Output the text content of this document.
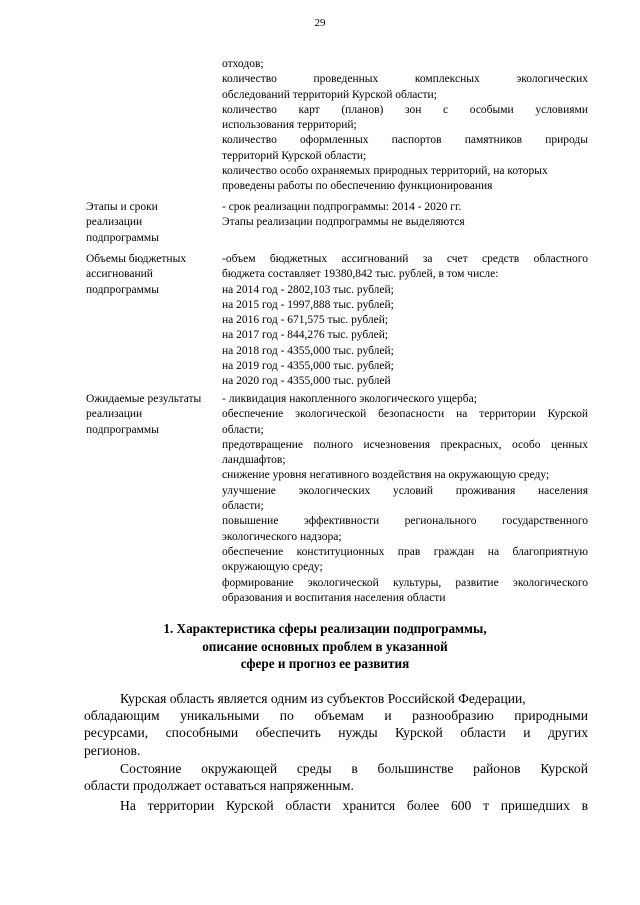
29
отходов;
количество проведенных комплексных экологических
обследований территорий Курской области;
количество карт (планов) зон с особыми условиями
использования территорий;
количество оформленных паспортов памятников природы
территорий Курской области;
количество особо охраняемых природных территорий, на которых
проведены работы по обеспечению функционирования
Этапы и сроки
реализации
подпрограммы
- срок реализации подпрограммы: 2014 - 2020 гг.
Этапы реализации подпрограммы не выделяются
Объемы бюджетных
ассигнований
подпрограммы
-объем бюджетных ассигнований за счет средств областного
бюджета составляет 19380,842 тыс. рублей, в том числе:
на 2014 год - 2802,103 тыс. рублей;
на 2015 год - 1997,888 тыс. рублей;
на 2016 год - 671,575 тыс. рублей;
на 2017 год - 844,276 тыс. рублей;
на 2018 год - 4355,000 тыс. рублей;
на 2019 год - 4355,000 тыс. рублей;
на 2020 год - 4355,000 тыс. рублей
Ожидаемые результаты
реализации
подпрограммы
- ликвидация накопленного экологического ущерба;
обеспечение экологической безопасности на территории Курской
области;
предотвращение полного исчезновения прекрасных, особо ценных
ландшафтов;
снижение уровня негативного воздействия на окружающую среду;
улучшение экологических условий проживания населения
области;
повышение эффективности регионального государственного
экологического надзора;
обеспечение конституционных прав граждан на благоприятную
окружающую среду;
формирование экологической культуры, развитие экологического
образования и воспитания населения области
1. Характеристика сферы реализации подпрограммы,
описание основных проблем в указанной
сфере и прогноз ее развития
Курская область является одним из субъектов Российской Федерации,
обладающим уникальными по объемам и разнообразию природными
ресурсами, способными обеспечить нужды Курской области и других
регионов.
Состояние окружающей среды в большинстве районов Курской
области продолжает оставаться напряженным.
На территории Курской области хранится более 600 т пришедших в
